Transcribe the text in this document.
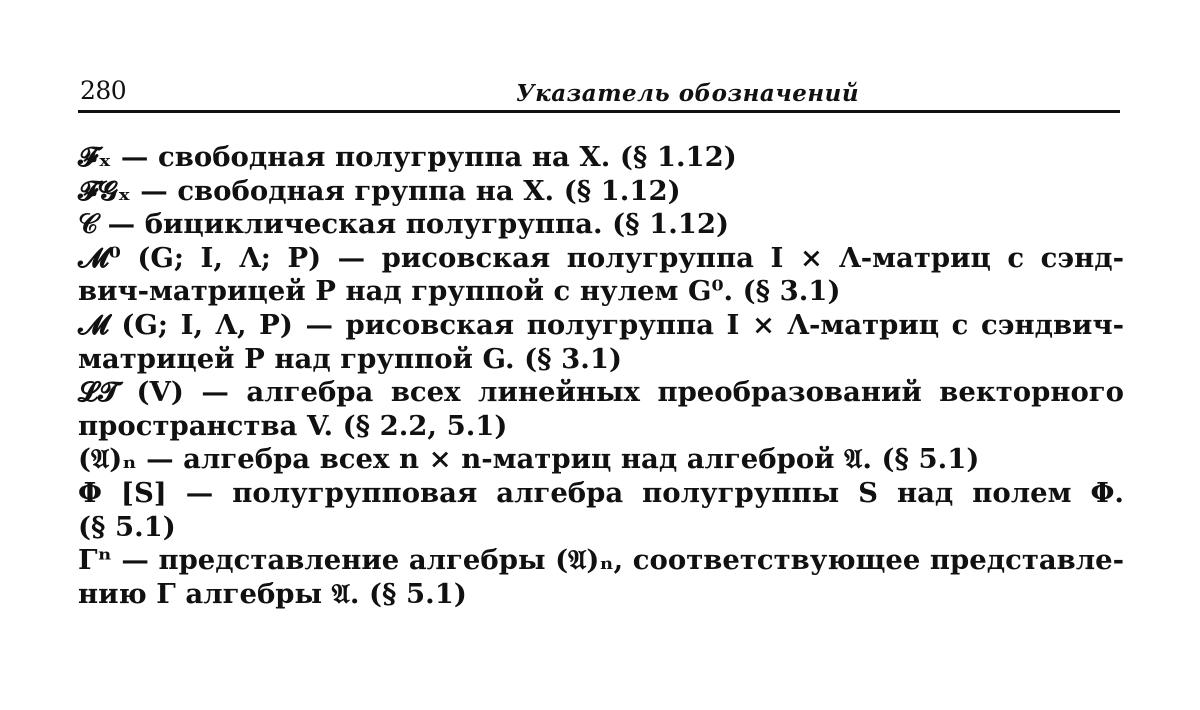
280	Указатель обозначений
𝓕ₓ — свободная полугруппа на X. (§ 1.12)
𝓕𝓖ₓ — свободная группа на X. (§ 1.12)
𝒞 — бициклическая полугруппа. (§ 1.12)
𝓜⁰ (G; I, Λ; P) — рисовская полугруппа I × Λ-матриц с сэнд-
вич-матрицей P над группой с нулем G⁰. (§ 3.1)
𝓜 (G; I, Λ, P) — рисовская полугруппа I × Λ-матриц с сэндвич-
матрицей P над группой G. (§ 3.1)
𝓛𝓣 (V) — алгебра всех линейных преобразований векторного
пространства V. (§ 2.2, 5.1)
(𝔄)ₙ — алгебра всех n × n-матриц над алгеброй 𝔄. (§ 5.1)
Φ [S] — полугрупповая алгебра полугруппы S над полем Φ.
(§ 5.1)
Γⁿ — представление алгебры (𝔄)ₙ, соответствующее представле-
нию Γ алгебры 𝔄. (§ 5.1)
